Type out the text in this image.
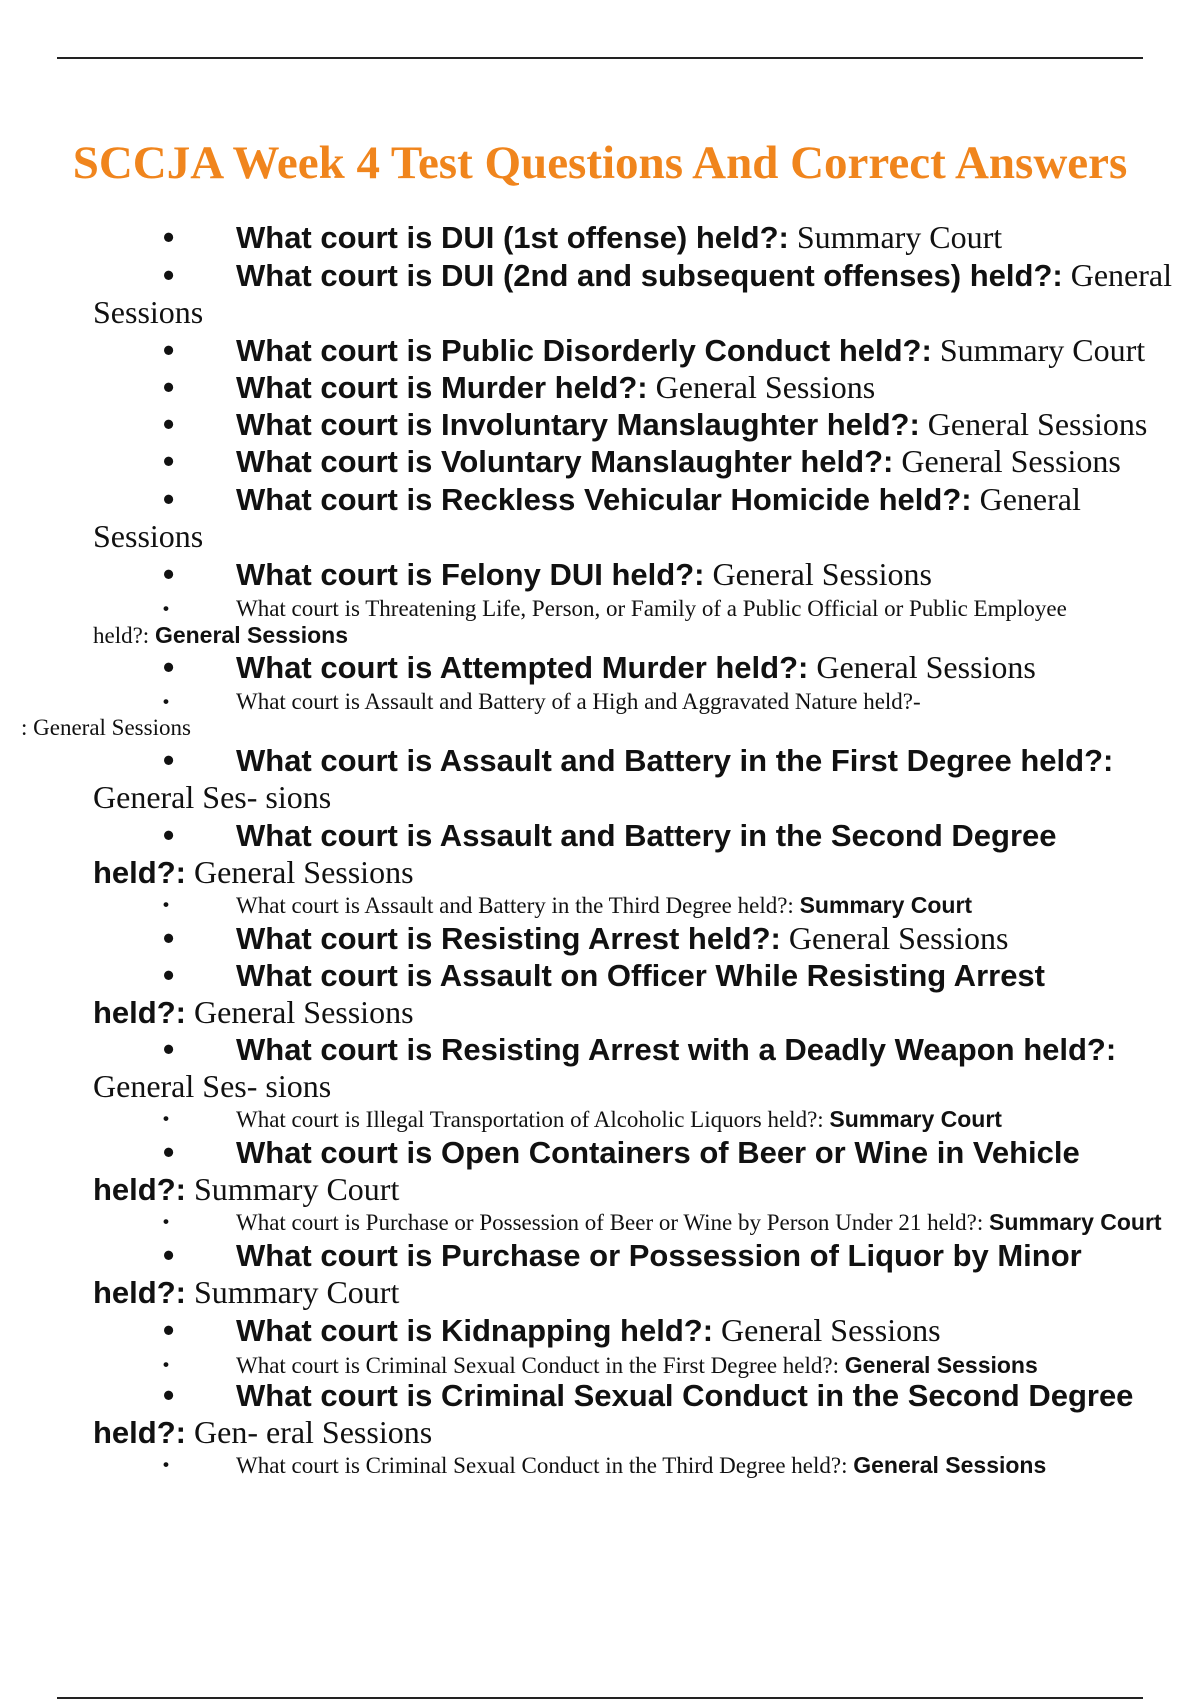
SCCJA Week 4 Test Questions And Correct Answers
• What court is DUI (1st offense) held?: Summary Court
• What court is DUI (2nd and subsequent offenses) held?: General
Sessions
• What court is Public Disorderly Conduct held?: Summary Court
• What court is Murder held?: General Sessions
• What court is Involuntary Manslaughter held?: General Sessions
• What court is Voluntary Manslaughter held?: General Sessions
• What court is Reckless Vehicular Homicide held?: General
Sessions
• What court is Felony DUI held?: General Sessions
•	What court is Threatening Life, Person, or Family of a Public Official or Public Employee
held?: General Sessions
• What court is Attempted Murder held?: General Sessions
•	What court is Assault and Battery of a High and Aggravated Nature held?-
: General Sessions
• What court is Assault and Battery in the First Degree held?:
General Ses- sions
• What court is Assault and Battery in the Second Degree
held?: General Sessions
•	What court is Assault and Battery in the Third Degree held?: Summary Court
• What court is Resisting Arrest held?: General Sessions
• What court is Assault on Officer While Resisting Arrest
held?: General Sessions
• What court is Resisting Arrest with a Deadly Weapon held?:
General Ses- sions
•	What court is Illegal Transportation of Alcoholic Liquors held?: Summary Court
• What court is Open Containers of Beer or Wine in Vehicle
held?: Summary Court
•	What court is Purchase or Possession of Beer or Wine by Person Under 21 held?: Summary Court
• What court is Purchase or Possession of Liquor by Minor
held?: Summary Court
• What court is Kidnapping held?: General Sessions
•	What court is Criminal Sexual Conduct in the First Degree held?: General Sessions
• What court is Criminal Sexual Conduct in the Second Degree
held?: Gen- eral Sessions
•	What court is Criminal Sexual Conduct in the Third Degree held?: General Sessions
